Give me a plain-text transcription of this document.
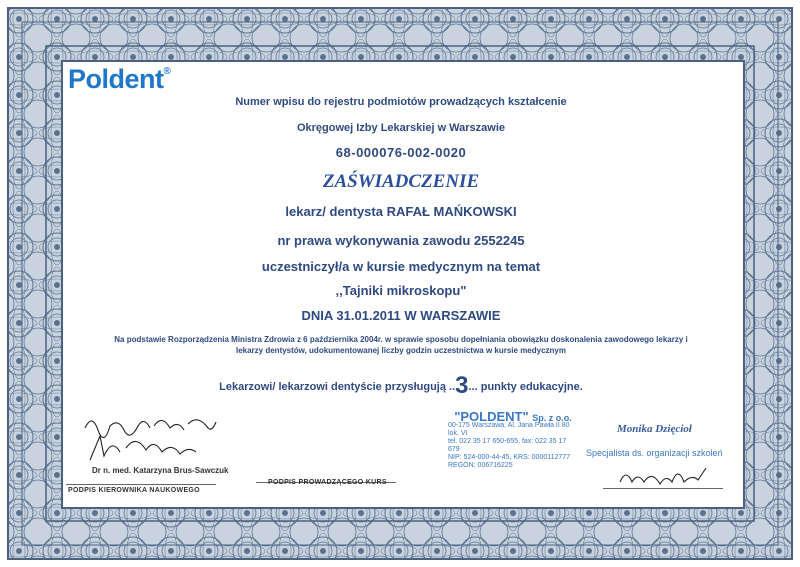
Poldent®
Numer wpisu do rejestru podmiotów prowadzących kształcenie
Okręgowej Izby Lekarskiej w Warszawie
68-000076-002-0020
ZAŚWIADCZENIE
lekarz/ dentysta RAFAŁ MAŃKOWSKI
nr prawa wykonywania zawodu 2552245
uczestniczył/a w kursie medycznym na temat
,,Tajniki mikroskopu"
DNIA 31.01.2011 W WARSZAWIE
Na podstawie Rozporządzenia Ministra Zdrowia z 6 października 2004r. w sprawie sposobu dopełniania obowiązku doskonalenia zawodowego lekarzy i
lekarzy dentystów, udokumentowanej liczby godzin uczestnictwa w kursie medycznym
Lekarzowi/ lekarzowi dentyście przysługują ..3... punkty edukacyjne.
Dr n. med. Katarzyna Brus-Sawczuk
PODPIS KIEROWNIKA NAUKOWEGO
PODPIS PROWADZĄCEGO KURS
"POLDENT" Sp. z o.o.
00-175 Warszawa, Al. Jana Pawła II 80 lok. VI
tel. 022 35 17 650-655, fax: 022 35 17 679
NIP: 524-000-44-45, KRS: 0000112777
REGON: 006716225
Monika Dzięcioł
Specjalista ds. organizacji szkoleń
